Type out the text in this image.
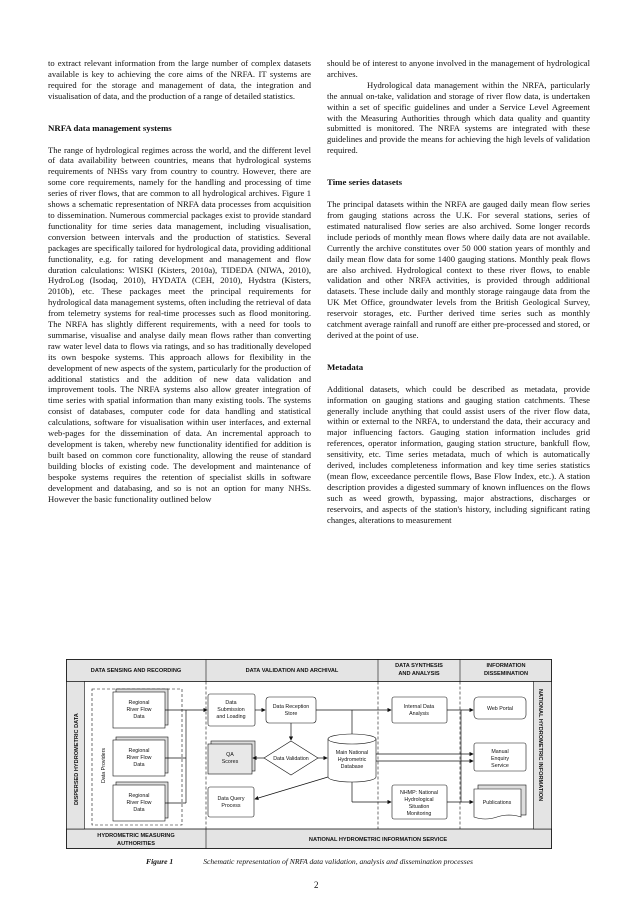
to extract relevant information from the large number of complex datasets available is key to achieving the core aims of the NRFA. IT systems are required for the storage and management of data, the integration and visualisation of data, and the production of a range of detailed statistics.

NRFA data management systems

The range of hydrological regimes across the world, and the different level of data availability between countries, means that hydrological systems requirements of NHSs vary from country to country. However, there are some core requirements, namely for the handling and processing of time series of river flows, that are common to all hydrological archives. Figure 1 shows a schematic representation of NRFA data processes from acquisition to dissemination. Numerous commercial packages exist to provide standard functionality for time series data management, including visualisation, conversion between intervals and the production of statistics. Several packages are specifically tailored for hydrological data, providing additional functionality, e.g. for rating development and management and flow duration calculations: WISKI (Kisters, 2010a), TIDEDA (NIWA, 2010), HydroLog (Isodaq, 2010), HYDATA (CEH, 2010), Hydstra (Kisters, 2010b), etc. These packages meet the principal requirements for hydrological data management systems, often including the retrieval of data from telemetry systems for real-time processes such as flood monitoring. The NRFA has slightly different requirements, with a need for tools to summarise, visualise and analyse daily mean flows rather than converting raw water level data to flows via ratings, and so has traditionally developed its own bespoke systems. This approach allows for flexibility in the development of new aspects of the system, particularly for the production of additional statistics and the addition of new data validation and improvement tools. The NRFA systems also allow greater integration of time series with spatial information than many existing tools. The systems consist of databases, computer code for data handling and statistical calculations, software for visualisation within user interfaces, and external web-pages for the dissemination of data. An incremental approach to development is taken, whereby new functionality identified for addition is built based on common core functionality, allowing the reuse of standard building blocks of existing code. The development and maintenance of bespoke systems requires the retention of specialist skills in software development and databasing, and so is not an option for many NHSs. However the basic functionality outlined below

should be of interest to anyone involved in the management of hydrological archives.

Hydrological data management within the NRFA, particularly the annual on-take, validation and storage of river flow data, is undertaken within a set of specific guidelines and under a Service Level Agreement with the Measuring Authorities through which data quality and quantity submitted is monitored. The NRFA systems are integrated with these guidelines and provide the means for achieving the high levels of validation required.

Time series datasets

The principal datasets within the NRFA are gauged daily mean flow series from gauging stations across the U.K. For several stations, series of estimated naturalised flow series are also archived. Some longer records include periods of monthly mean flows where daily data are not available. Currently the archive constitutes over 50 000 station years of monthly and daily mean flow data for some 1400 gauging stations. Monthly peak flows are also archived. Hydrological context to these river flows, to enable validation and other NRFA activities, is provided through additional datasets. These include daily and monthly storage raingauge data from the UK Met Office, groundwater levels from the British Geological Survey, reservoir storages, etc. Further derived time series such as monthly catchment average rainfall and runoff are either pre-processed and stored, or derived at the point of use.

Metadata

Additional datasets, which could be described as metadata, provide information on gauging stations and gauging station catchments. These generally include anything that could assist users of the river flow data, within or external to the NRFA, to understand the data, their accuracy and major influencing factors. Gauging station information includes grid references, operator information, gauging station structure, bankfull flow, sensitivity, etc. Time series metadata, much of which is automatically derived, includes completeness information and key time series statistics (mean flow, exceedance percentile flows, Base Flow Index, etc.). A station description provides a digested summary of known influences on the flows such as weed growth, bypassing, major abstractions, discharges or reservoirs, and aspects of the station's history, including significant rating changes, alterations to measurement

DATA SENSING AND RECORDING	DATA VALIDATION AND ARCHIVAL
DATA SYNTHESIS
AND ANALYSIS
INFORMATION
DISSEMINATION
HYDROMETRIC MEASURING
AUTHORITIES
NATIONAL HYDROMETRIC INFORMATION SERVICE
DISPERSED HYDROMETRIC DATA	NATIONAL HYDROMETRIC INFORMATION
Data Providers
Regional
River Flow
Data
Regional
River Flow
Data
Regional
River Flow
Data
Data
Submission
and Loading
Data Reception
Store
QA
Scores	Data Validation
Main National
Hydrometric
Database
Data Query
Process
Internal Data
Analysis
NHMP: National
Hydrological
Situation
Monitoring
Web Portal
Manual
Enquiry
Service
Publications
Figure 1	Schematic representation of NRFA data validation, analysis and dissemination processes
2
